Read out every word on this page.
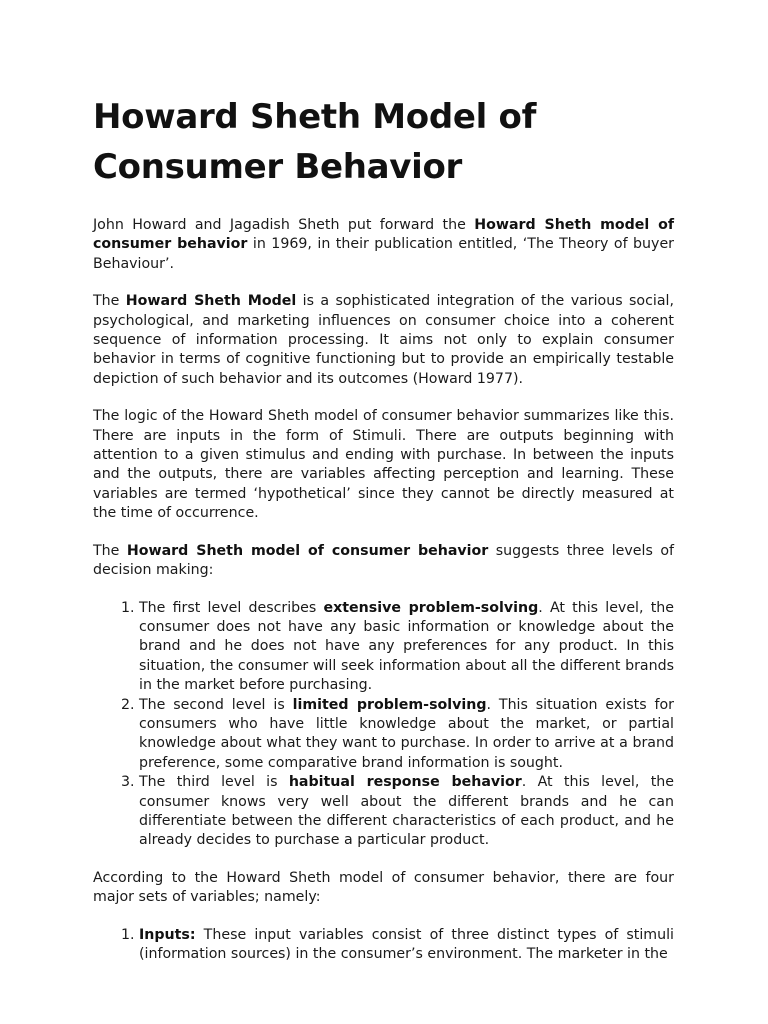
Howard Sheth Model of Consumer Behavior

John Howard and Jagadish Sheth put forward the Howard Sheth model of consumer behavior in 1969, in their publication entitled, ‘The Theory of buyer Behaviour’.

The Howard Sheth Model is a sophisticated integration of the various social, psychological, and marketing influences on consumer choice into a coherent sequence of information processing. It aims not only to explain consumer behavior in terms of cognitive functioning but to provide an empirically testable depiction of such behavior and its outcomes (Howard 1977).

The logic of the Howard Sheth model of consumer behavior summarizes like this. There are inputs in the form of Stimuli. There are outputs beginning with attention to a given stimulus and ending with purchase. In between the inputs and the outputs, there are variables affecting perception and learning. These variables are termed ‘hypothetical’ since they cannot be directly measured at the time of occurrence.

The Howard Sheth model of consumer behavior suggests three levels of decision making:

1. The first level describes extensive problem-solving. At this level, the consumer does not have any basic information or knowledge about the brand and he does not have any preferences for any product. In this situation, the consumer will seek information about all the different brands in the market before purchasing.
2. The second level is limited problem-solving. This situation exists for consumers who have little knowledge about the market, or partial knowledge about what they want to purchase. In order to arrive at a brand preference, some comparative brand information is sought.
3. The third level is habitual response behavior. At this level, the consumer knows very well about the different brands and he can differentiate between the different characteristics of each product, and he already decides to purchase a particular product.

According to the Howard Sheth model of consumer behavior, there are four major sets of variables; namely:

1. Inputs: These input variables consist of three distinct types of stimuli (information sources) in the consumer’s environment. The marketer in the
